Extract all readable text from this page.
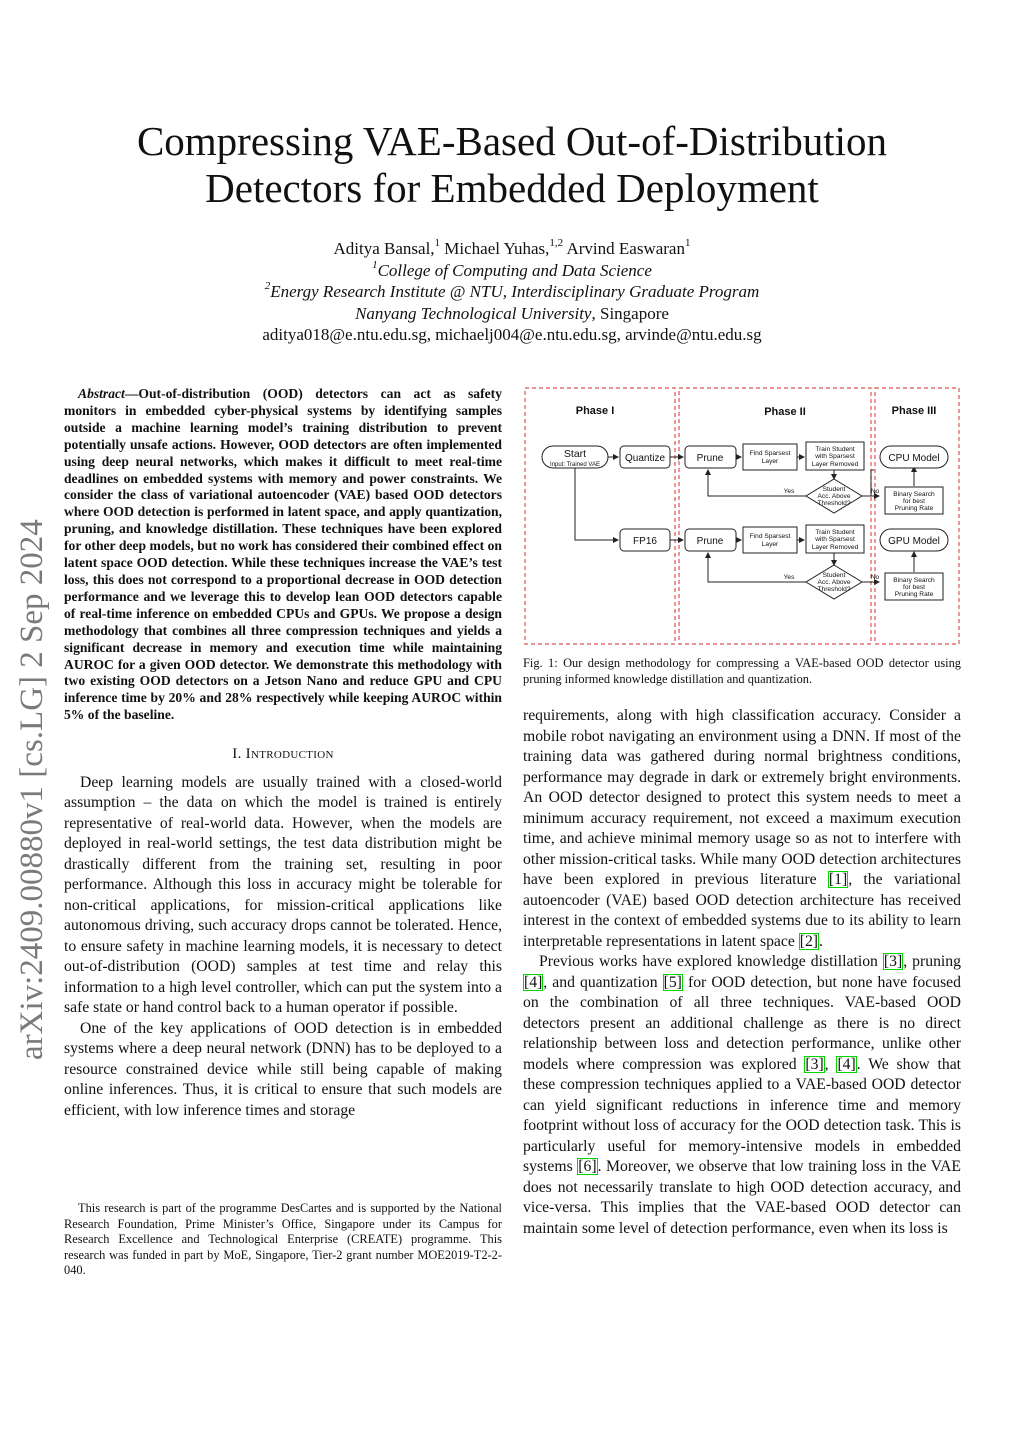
arXiv:2409.00880v1 [cs.LG] 2 Sep 2024
Compressing VAE-Based Out-of-Distribution
Detectors for Embedded Deployment
Aditya Bansal,$^1$ Michael Yuhas,$^{1,2}$ Arvind Easwaran$^1$
$^1$College of Computing and Data Science
$^2$Energy Research Institute @ NTU, Interdisciplinary Graduate Program
Nanyang Technological University, Singapore
aditya018@e.ntu.edu.sg, michaelj004@e.ntu.edu.sg, arvinde@ntu.edu.sg

Abstract—Out-of-distribution (OOD) detectors can act as safety monitors in embedded cyber-physical systems by identifying samples outside a machine learning model’s training distribution to prevent potentially unsafe actions. However, OOD detectors are often implemented using deep neural networks, which makes it difficult to meet real-time deadlines on embedded systems with memory and power constraints. We consider the class of variational autoencoder (VAE) based OOD detectors where OOD detection is performed in latent space, and apply quantization, pruning, and knowledge distillation. These techniques have been explored for other deep models, but no work has considered their combined effect on latent space OOD detection. While these techniques increase the VAE’s test loss, this does not correspond to a proportional decrease in OOD detection performance and we leverage this to develop lean OOD detectors capable of real-time inference on embedded CPUs and GPUs. We propose a design methodology that combines all three compression techniques and yields a significant decrease in memory and execution time while maintaining AUROC for a given OOD detector. We demonstrate this methodology with two existing OOD detectors on a Jetson Nano and reduce GPU and CPU inference time by 20% and 28% respectively while keeping AUROC within 5% of the baseline.

I. Introduction

Deep learning models are usually trained with a closed-world assumption – the data on which the model is trained is entirely representative of real-world data. However, when the models are deployed in real-world settings, the test data distribution might be drastically different from the training set, resulting in poor performance. Although this loss in accuracy might be tolerable for non-critical applications, for mission-critical applications like autonomous driving, such accuracy drops cannot be tolerated. Hence, to ensure safety in machine learning models, it is necessary to detect out-of-distribution (OOD) samples at test time and relay this information to a high level controller, which can put the system into a safe state or hand control back to a human operator if possible.

One of the key applications of OOD detection is in embedded systems where a deep neural network (DNN) has to be deployed to a resource constrained device while still being capable of making online inferences. Thus, it is critical to ensure that such models are efficient, with low inference times and storage

This research is part of the programme DesCartes and is supported by the National Research Foundation, Prime Minister’s Office, Singapore under its Campus for Research Excellence and Technological Enterprise (CREATE) programme. This research was funded in part by MoE, Singapore, Tier-2 grant number MOE2019-T2-2-040.
Phase I	Phase II	Phase III
Start
Input: Trained VAE
Quantize
FP16
Prune
Prune
Find Sparsest
Layer
Find Sparsest
Layer
Train Student
with Sparsest
Layer Removed
Train Student
with Sparsest
Layer Removed
Student
Acc. Above
Threshold?
Student
Acc. Above
Threshold?
Binary Search
for best
Pruning Rate
Binary Search
for best
Pruning Rate
Yes
Yes
No
No
CPU Model
GPU Model
Fig. 1: Our design methodology for compressing a VAE-based OOD detector using pruning informed knowledge distillation and quantization.

requirements, along with high classification accuracy. Consider a mobile robot navigating an environment using a DNN. If most of the training data was gathered during normal brightness conditions, performance may degrade in dark or extremely bright environments. An OOD detector designed to protect this system needs to meet a minimum accuracy requirement, not exceed a maximum execution time, and achieve minimal memory usage so as not to interfere with other mission-critical tasks. While many OOD detection architectures have been explored in previous literature [1], the variational autoencoder (VAE) based OOD detection architecture has received interest in the context of embedded systems due to its ability to learn interpretable representations in latent space [2].

Previous works have explored knowledge distillation [3], pruning [4], and quantization [5] for OOD detection, but none have focused on the combination of all three techniques. VAE-based OOD detectors present an additional challenge as there is no direct relationship between loss and detection performance, unlike other models where compression was explored [3], [4]. We show that these compression techniques applied to a VAE-based OOD detector can yield significant reductions in inference time and memory footprint without loss of accuracy for the OOD detection task. This is particularly useful for memory-intensive models in embedded systems [6]. Moreover, we observe that low training loss in the VAE does not necessarily translate to high OOD detection accuracy, and vice-versa. This implies that the VAE-based OOD detector can maintain some level of detection performance, even when its loss is
